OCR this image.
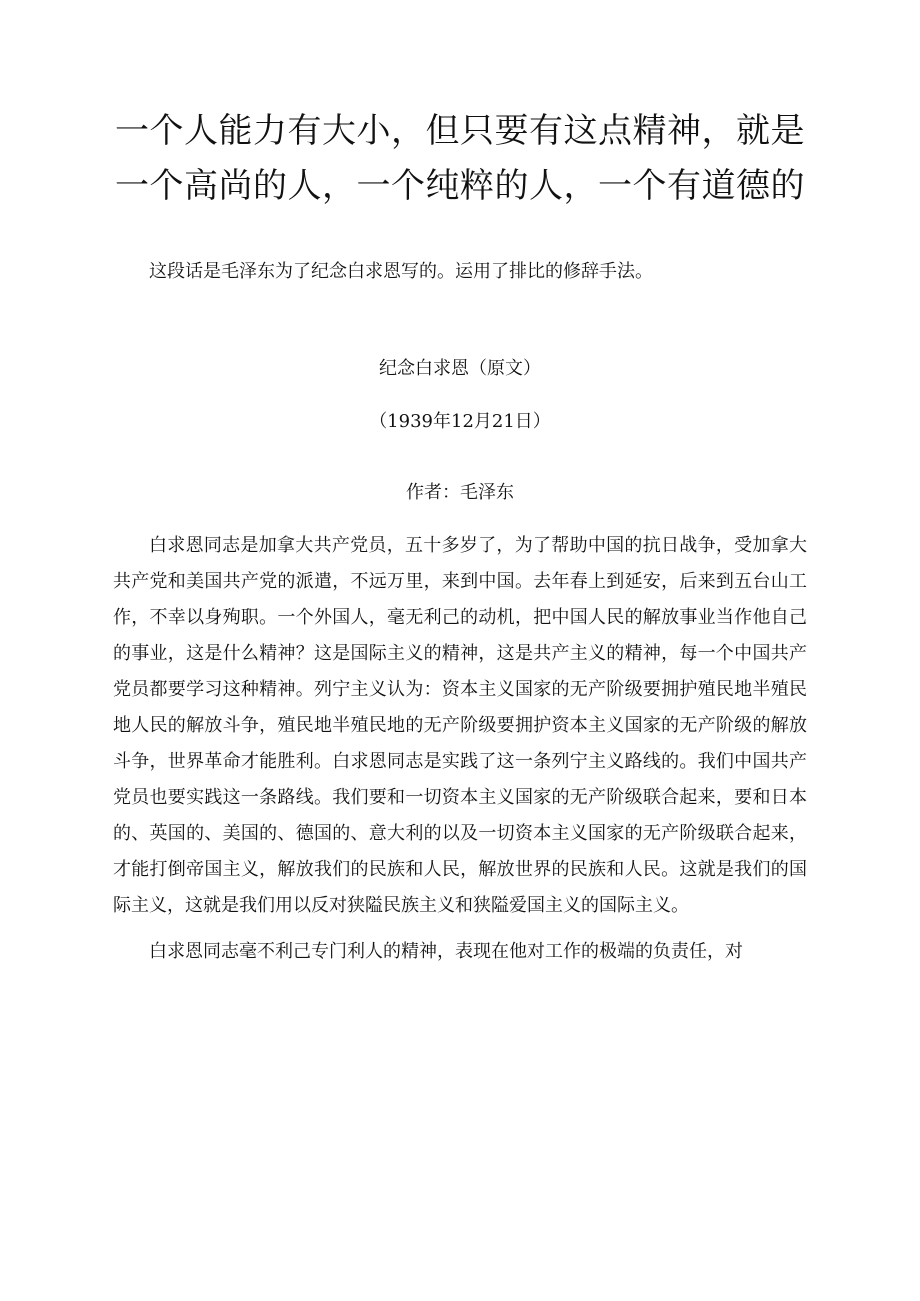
一个人能力有大小，但只要有这点精神，就是一个高尚的人，一个纯粹的人，一个有道德的

这段话是毛泽东为了纪念白求恩写的。运用了排比的修辞手法。

纪念白求恩（原文）

（1939年12月21日）

作者：毛泽东

白求恩同志是加拿大共产党员，五十多岁了，为了帮助中国的抗日战争，受加拿大共产党和美国共产党的派遣，不远万里，来到中国。去年春上到延安，后来到五台山工作，不幸以身殉职。一个外国人，毫无利己的动机，把中国人民的解放事业当作他自己的事业，这是什么精神？这是国际主义的精神，这是共产主义的精神，每一个中国共产党员都要学习这种精神。列宁主义认为：资本主义国家的无产阶级要拥护殖民地半殖民地人民的解放斗争，殖民地半殖民地的无产阶级要拥护资本主义国家的无产阶级的解放斗争，世界革命才能胜利。白求恩同志是实践了这一条列宁主义路线的。我们中国共产党员也要实践这一条路线。我们要和一切资本主义国家的无产阶级联合起来，要和日本的、英国的、美国的、德国的、意大利的以及一切资本主义国家的无产阶级联合起来，才能打倒帝国主义，解放我们的民族和人民，解放世界的民族和人民。这就是我们的国际主义，这就是我们用以反对狭隘民族主义和狭隘爱国主义的国际主义。

白求恩同志毫不利己专门利人的精神，表现在他对工作的极端的负责任，对
